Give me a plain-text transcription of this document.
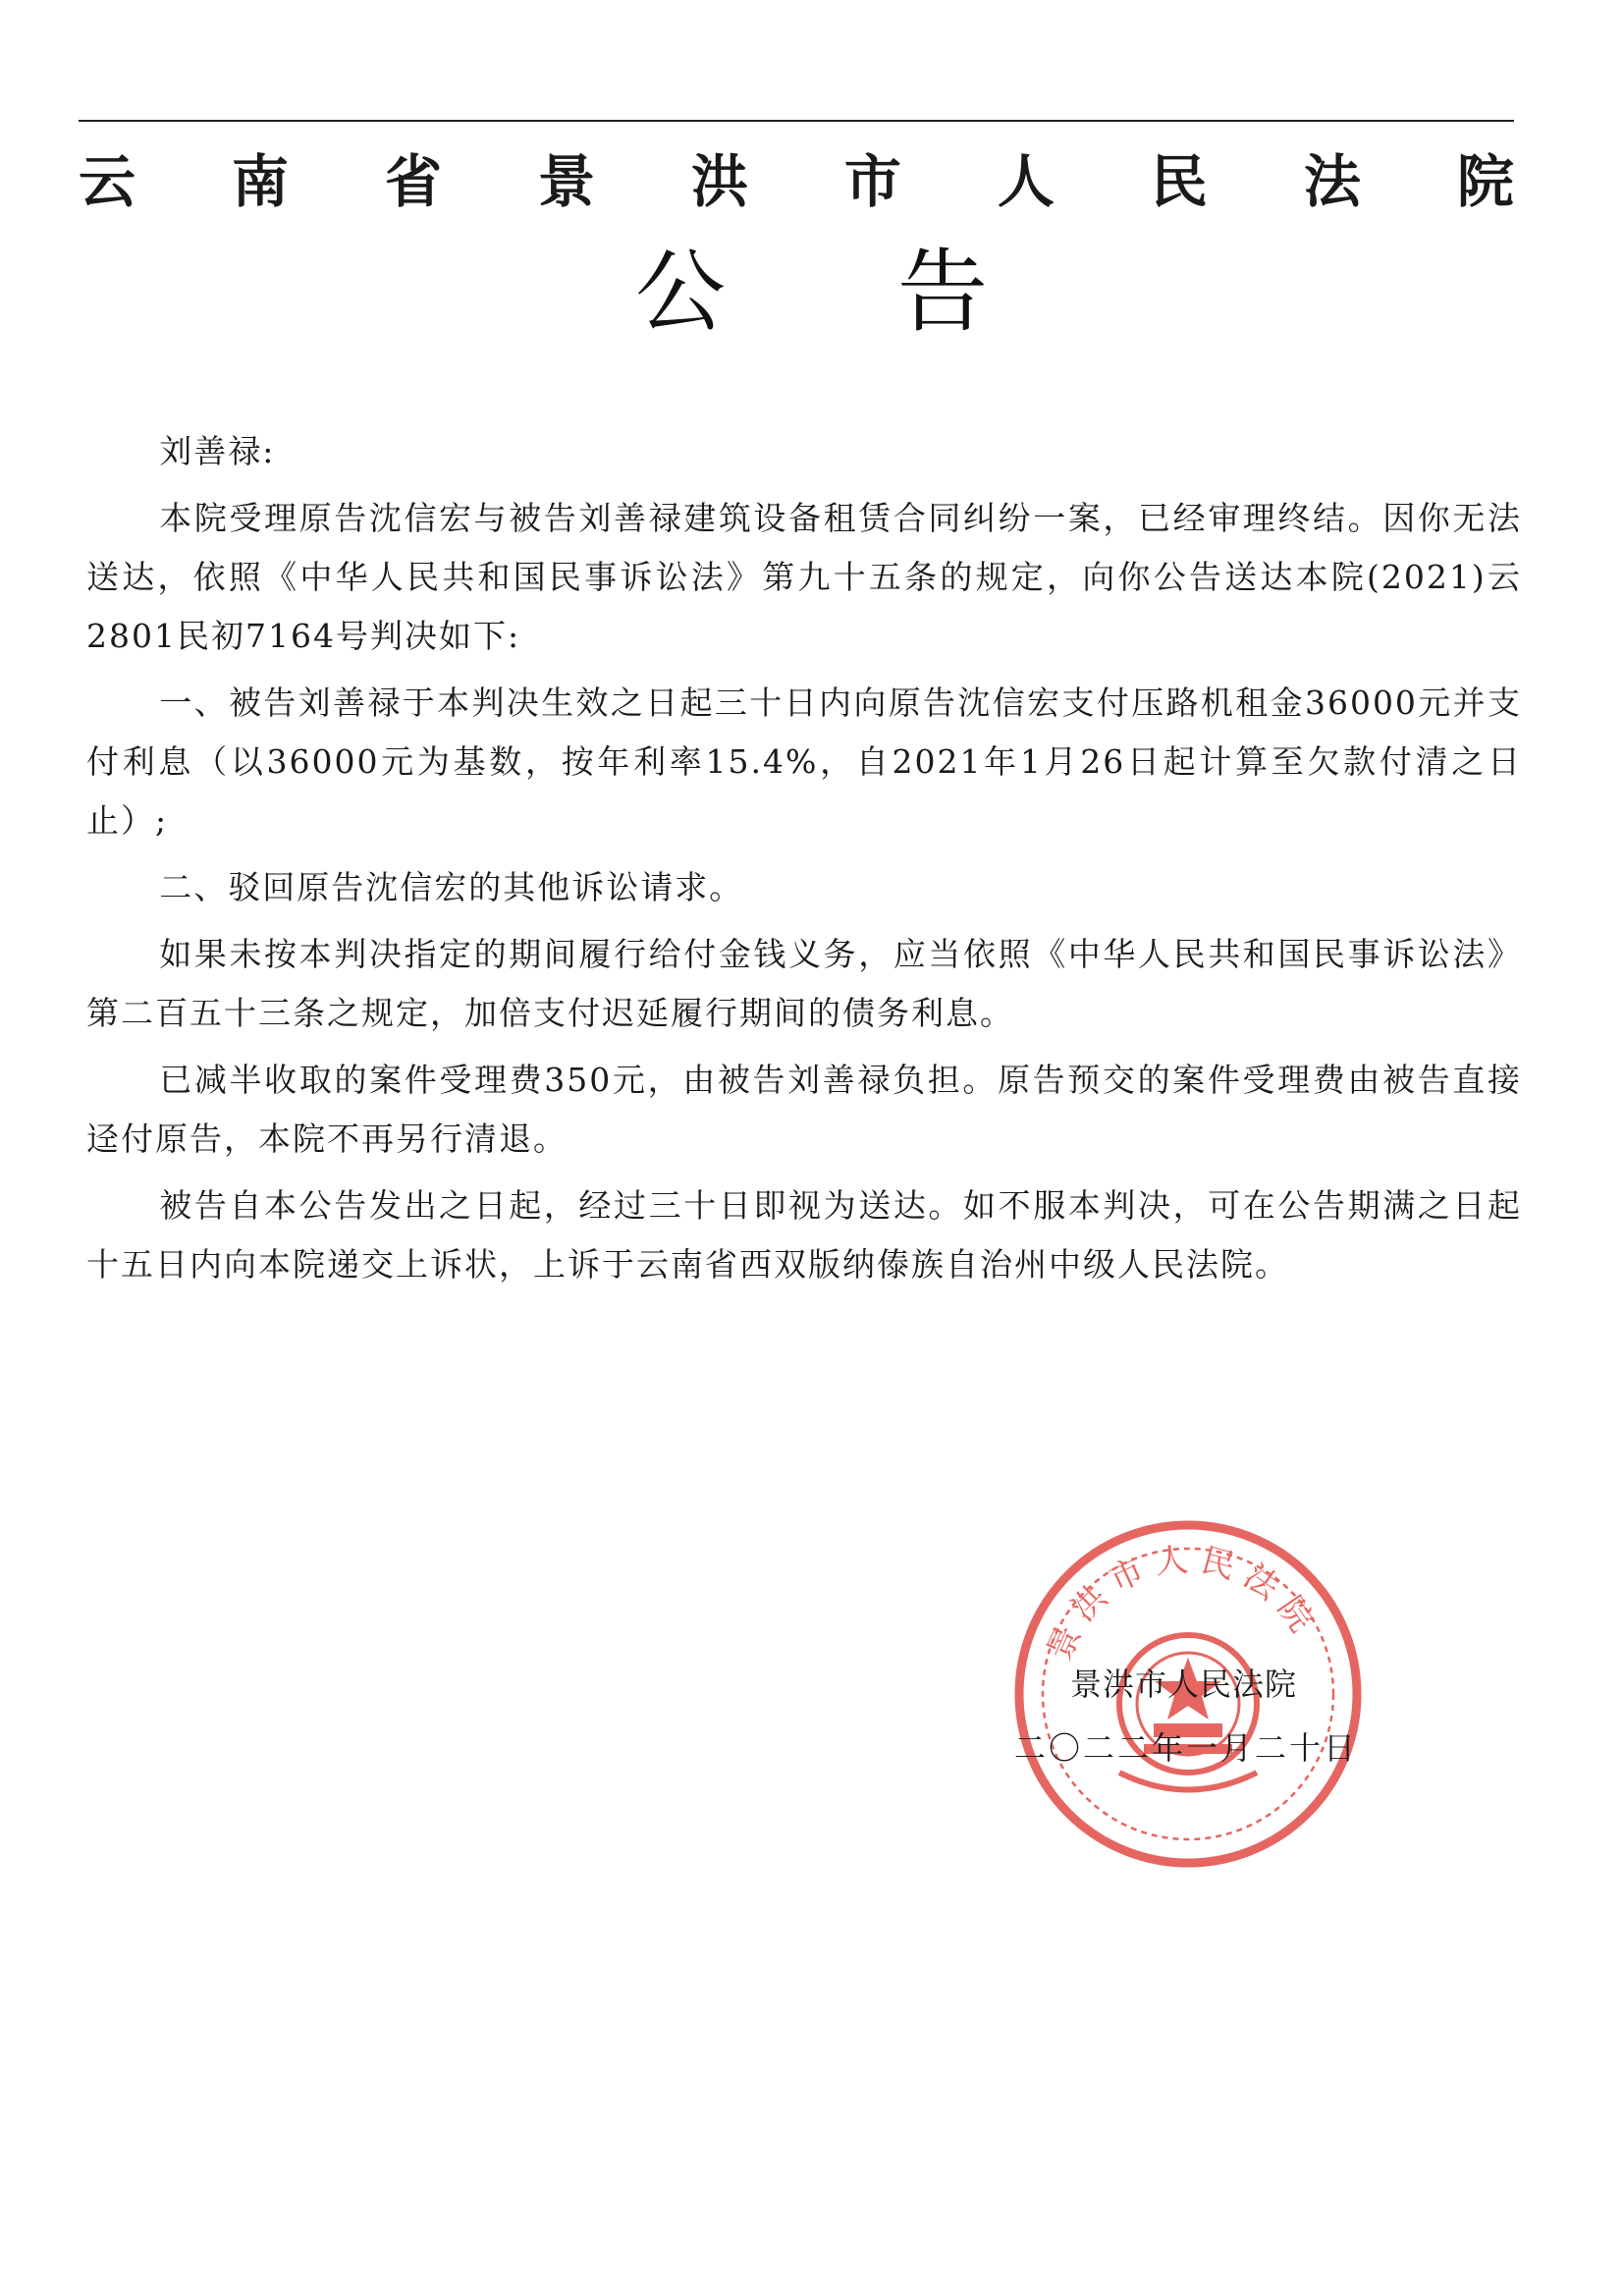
云 南 省 景 洪 市 人 民 法 院
公 告

刘善禄:

本院受理原告沈信宏与被告刘善禄建筑设备租赁合同纠纷一案，已经审理终结。因你无法送达，依照《中华人民共和国民事诉讼法》第九十五条的规定，向你公告送达本院(2021)云2801民初7164号判决如下:

一、被告刘善禄于本判决生效之日起三十日内向原告沈信宏支付压路机租金36000元并支付利息（以36000元为基数，按年利率15.4%，自2021年1月26日起计算至欠款付清之日止）;

二、驳回原告沈信宏的其他诉讼请求。

如果未按本判决指定的期间履行给付金钱义务，应当依照《中华人民共和国民事诉讼法》第二百五十三条之规定，加倍支付迟延履行期间的债务利息。

已减半收取的案件受理费350元，由被告刘善禄负担。原告预交的案件受理费由被告直接迳付原告，本院不再另行清退。

被告自本公告发出之日起，经过三十日即视为送达。如不服本判决，可在公告期满之日起十五日内向本院递交上诉状，上诉于云南省西双版纳傣族自治州中级人民法院。

景洪市人民法院
景洪市人民法院
二〇二二年一月二十日
